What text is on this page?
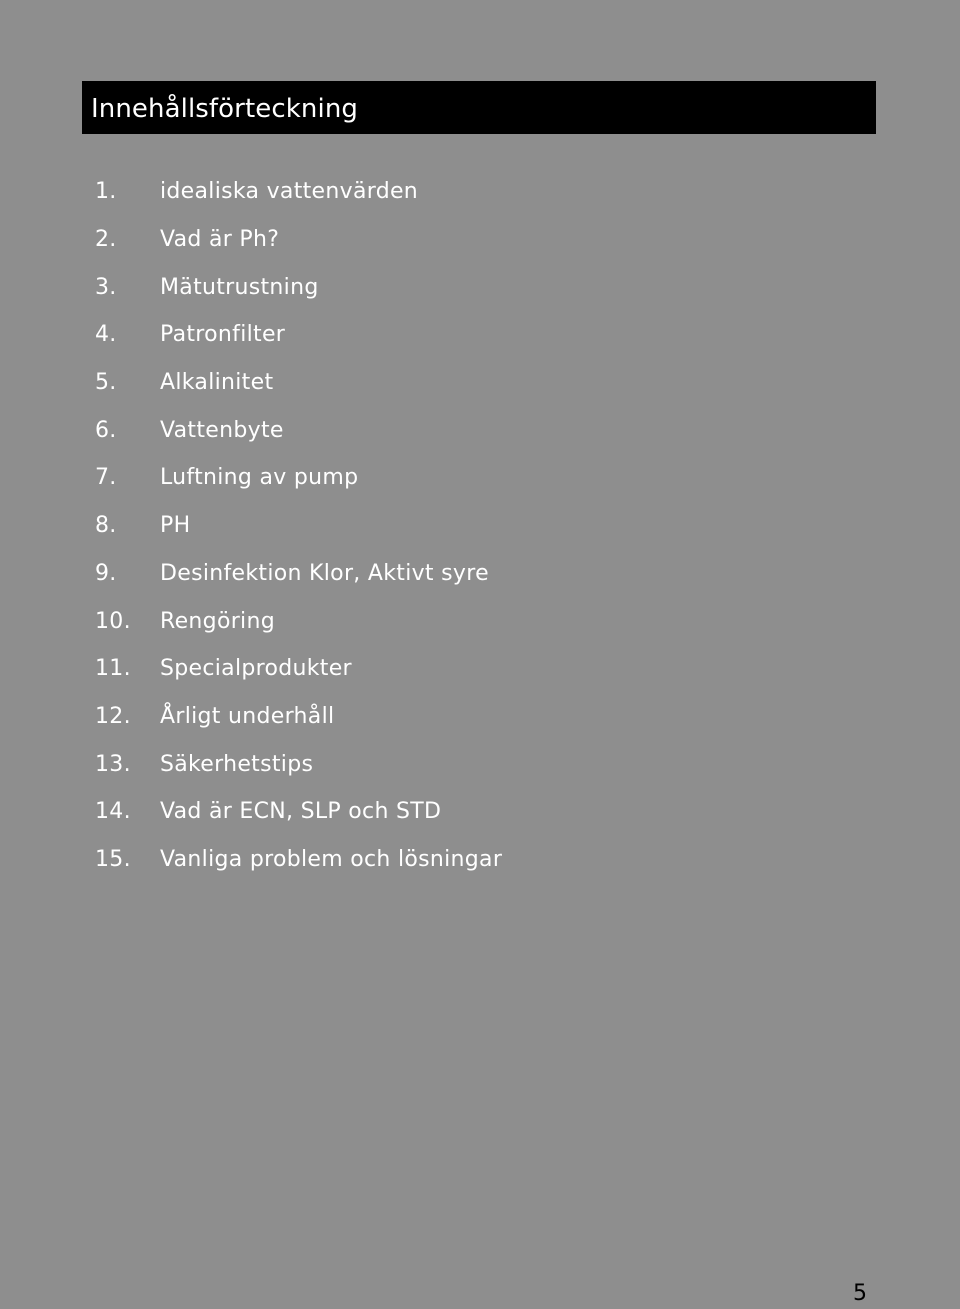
Innehållsförteckning
1.	idealiska vattenvärden
2.	Vad är Ph?
3.	Mätutrustning
4.	Patronfilter
5.	Alkalinitet
6.	Vattenbyte
7.	Luftning av pump
8.	PH
9.	Desinfektion Klor, Aktivt syre
10.	Rengöring
11.	Specialprodukter
12.	Årligt underhåll
13.	Säkerhetstips
14.	Vad är ECN, SLP och STD
15.	Vanliga problem och lösningar
5
